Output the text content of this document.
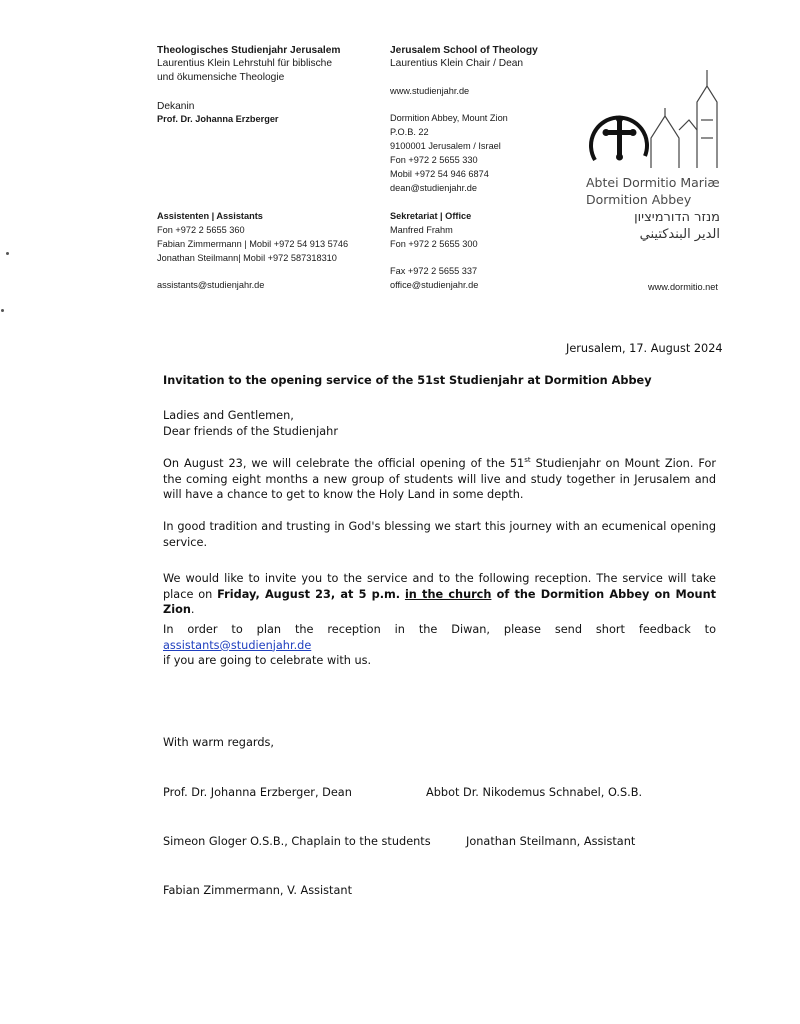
Theologisches Studienjahr Jerusalem
Laurentius Klein Lehrstuhl für biblische
und ökumensiche Theologie
Dekanin
Prof. Dr. Johanna Erzberger
Assistenten | Assistants
Fon +972 2 5655 360
Fabian Zimmermann | Mobil +972 54 913 5746
Jonathan Steilmann| Mobil +972 587318310
assistants@studienjahr.de
Jerusalem School of Theology
Laurentius Klein Chair / Dean
www.studienjahr.de
Dormition Abbey, Mount Zion
P.O.B. 22
9100001 Jerusalem / Israel
Fon +972 2 5655 330
Mobil +972 54 946 6874
dean@studienjahr.de
Sekretariat | Office
Manfred Frahm
Fon +972 2 5655 300
Fax +972 2 5655 337
office@studienjahr.de
Abtei Dormitio Mariæ
Dormition Abbey
מנזר הדורמיציון
الدير البندكتيني
www.dormitio.net
Jerusalem, 17. August 2024
Invitation to the opening service of the 51st Studienjahr at Dormition Abbey
Ladies and Gentlemen,
Dear friends of the Studienjahr
On August 23, we will celebrate the official opening of the 51st Studienjahr on Mount Zion. For the coming eight months a new group of students will live and study together in Jerusalem and will have a chance to get to know the Holy Land in some depth.
In good tradition and trusting in God's blessing we start this journey with an ecumenical opening service.
We would like to invite you to the service and to the following reception. The service will take place on Friday, August 23, at 5 p.m. in the church of the Dormition Abbey on Mount Zion.
In order to plan the reception in the Diwan, please send short feedback to assistants@studienjahr.de
if you are going to celebrate with us.
With warm regards,
Prof. Dr. Johanna Erzberger, Dean	Abbot Dr. Nikodemus Schnabel, O.S.B.
Simeon Gloger O.S.B., Chaplain to the students	Jonathan Steilmann, Assistant
Fabian Zimmermann, V. Assistant
